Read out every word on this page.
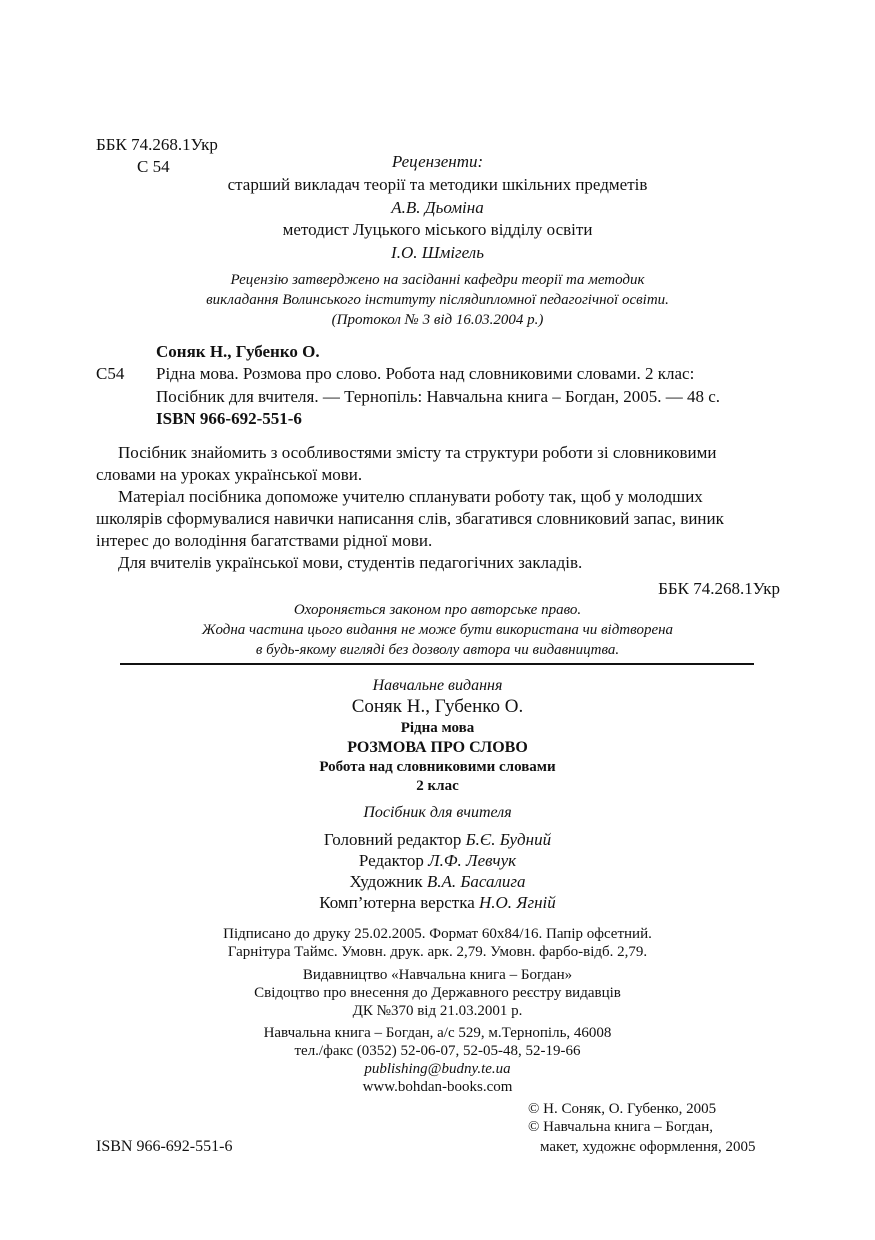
ББК 74.268.1Укр
С 54	Рецензенти:
старший викладач теорії та методики шкільних предметів
А.В. Дьоміна
методист Луцького міського відділу освіти
І.О. Шмігель
Рецензію затверджено на засіданні кафедри теорії та методик
викладання Волинського інституту післядипломної педагогічної освіти.
(Протокол № 3 від 16.03.2004 р.)
Соняк Н., Губенко О.
С54 Рідна мова. Розмова про слово. Робота над словниковими словами. 2 клас:
Посібник для вчителя. — Тернопіль: Навчальна книга – Богдан, 2005. — 48 с.
ISBN 966-692-551-6
Посібник знайомить з особливостями змісту та структури роботи зі словниковими
словами на уроках української мови.
Матеріал посібника допоможе учителю спланувати роботу так, щоб у молодших
школярів сформувалися навички написання слів, збагатився словниковий запас, виник
інтерес до володіння багатствами рідної мови.
Для вчителів української мови, студентів педагогічних закладів.
ББК 74.268.1Укр
Охороняється законом про авторське право.
Жодна частина цього видання не може бути використана чи відтворена
в будь-якому вигляді без дозволу автора чи видавництва.
Навчальне видання
Соняк Н., Губенко О.
Рідна мова
РОЗМОВА ПРО СЛОВО
Робота над словниковими словами
2 клас
Посібник для вчителя
Головний редактор Б.Є. Будний
Редактор Л.Ф. Левчук
Художник В.А. Басалига
Комп’ютерна верстка Н.О. Ягній
Підписано до друку 25.02.2005. Формат 60x84/16. Папір офсетний.
Гарнітура Таймс. Умовн. друк. арк. 2,79. Умовн. фарбо-відб. 2,79.
Видавництво «Навчальна книга – Богдан»
Свідоцтво про внесення до Державного реєстру видавців
ДК №370 від 21.03.2001 р.
Навчальна книга – Богдан, а/с 529, м.Тернопіль, 46008
тел./факс (0352) 52-06-07, 52-05-48, 52-19-66
publishing@budny.te.ua
www.bohdan-books.com
© Н. Соняк, О. Губенко, 2005
© Навчальна книга – Богдан,
макет, художнє оформлення, 2005
ISBN 966-692-551-6
